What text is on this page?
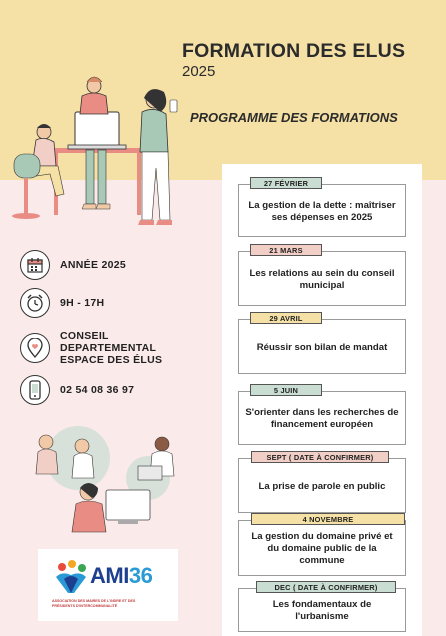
FORMATION DES ELUS
2025
PROGRAMME DES FORMATIONS
ANNÉE 2025
9H - 17H
CONSEIL
DEPARTEMENTAL
ESPACE DES ÉLUS
02 54 08 36 97
AMI36
ASSOCIATION DES MAIRES DE L'INDRE ET DES PRÉSIDENTS D'INTERCOMMUNALITÉ
La gestion de la dette : maîtriser ses dépenses en 2025
27 FÉVRIER
Les relations au sein du conseil municipal
21 MARS
Réussir son bilan de mandat
29 AVRIL
S'orienter dans les recherches de financement européen
5 JUIN
La prise de parole en public
SEPT ( DATE À CONFIRMER)
La gestion du domaine privé et du domaine public de la commune
4 NOVEMBRE
Les fondamentaux de l'urbanisme
DEC ( DATE À CONFIRMER)
